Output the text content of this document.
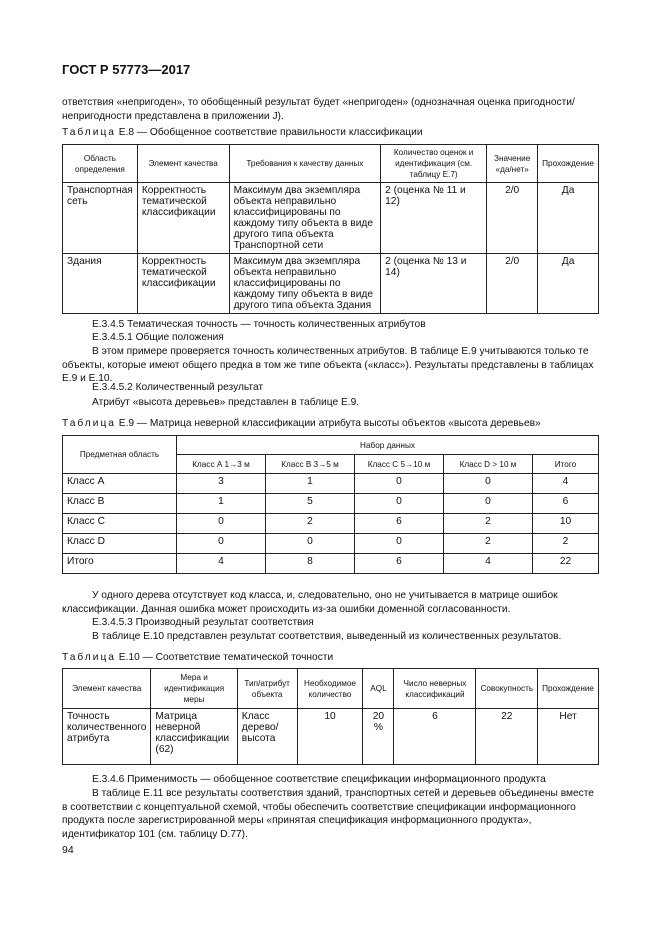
ГОСТ Р 57773—2017
ответствия «непригоден», то обобщенный результат будет «непригоден» (однозначная оценка пригодности/непригодности представлена в приложении J).
Таблица Е.8 — Обобщенное соответствие правильности классификации
Область определения	Элемент качества	Требования к качеству данных	Количество оценок и идентификация (см. таблицу Е.7)	Значение «да/нет»	Прохождение
Транспортная сеть	Корректность тематической классификации	Максимум два экземпляра объекта неправильно классифицированы по каждому типу объекта в виде другого типа объекта Транспортной сети	2 (оценка № 11 и 12)	2/0	Да
Здания	Корректность тематической классификации	Максимум два экземпляра объекта неправильно классифицированы по каждому типу объекта в виде другого типа объекта Здания	2 (оценка № 13 и 14)	2/0	Да
Е.3.4.5 Тематическая точность — точность количественных атрибутов
Е.3.4.5.1 Общие положения
В этом примере проверяется точность количественных атрибутов. В таблице Е.9 учитываются только те объекты, которые имеют общего предка в том же типе объекта («класс»). Результаты представлены в таблицах Е.9 и Е.10.
Е.3.4.5.2 Количественный результат
Атрибут «высота деревьев» представлен в таблице Е.9.
Таблица Е.9 — Матрица неверной классификации атрибута высоты объектов «высота деревьев»
Предметная область	Набор данных				
	Класс А 1→3 м	Класс В 3→5 м	Класс С 5→10 м	Класс D > 10 м	Итого
Класс А	3	1	0	0	4
Класс В	1	5	0	0	6
Класс С	0	2	6	2	10
Класс D	0	0	0	2	2
Итого	4	8	6	4	22
У одного дерева отсутствует код класса, и, следовательно, оно не учитывается в матрице ошибок классификации. Данная ошибка может происходить из-за ошибки доменной согласованности.
Е.3.4.5.3 Производный результат соответствия
В таблице Е.10 представлен результат соответствия, выведенный из количественных результатов.
Таблица Е.10 — Соответствие тематической точности
Элемент качества	Мера и идентификация меры	Тип/атрибут объекта	Необходимое количество	AQL	Число неверных классификаций	Совокупность	Прохождение
Точность количественного атрибута	Матрица неверной классификации (62)	Класс дерево/высота	10	20 %	6	22	Нет
Е.3.4.6 Применимость — обобщенное соответствие спецификации информационного продукта
В таблице Е.11 все результаты соответствия зданий, транспортных сетей и деревьев объединены вместе в соответствии с концептуальной схемой, чтобы обеспечить соответствие спецификации информационного продукта после зарегистрированной меры «принятая спецификация информационного продукта», идентификатор 101 (см. таблицу D.77).
94
